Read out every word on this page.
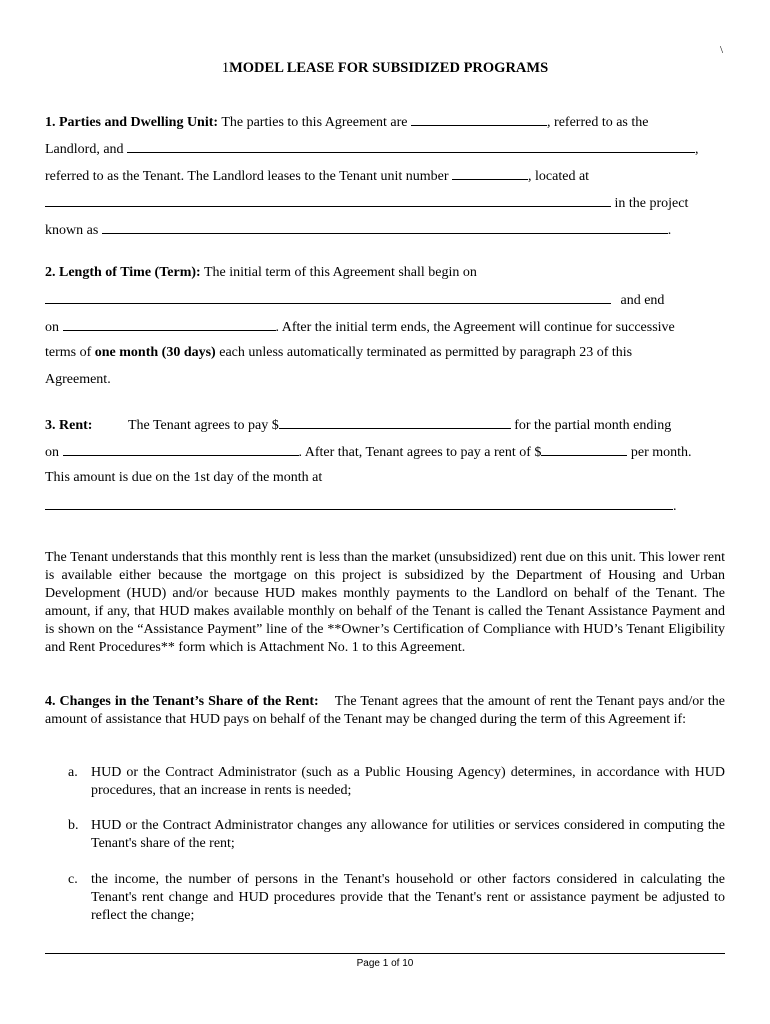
\
1MODEL LEASE FOR SUBSIDIZED PROGRAMS
1. Parties and Dwelling Unit: The parties to this Agreement are	, referred to as the
Landlord, and	,
referred to as the Tenant. The Landlord leases to the Tenant unit number	, located at
in the project
known as	.
2. Length of Time (Term): The initial term of this Agreement shall begin on
and end
on	. After the initial term ends, the Agreement will continue for successive
terms of one month (30 days) each unless automatically terminated as permitted by paragraph 23 of this
Agreement.
3. Rent:	The Tenant agrees to pay $	for the partial month ending
on	. After that, Tenant agrees to pay a rent of $	per month.
This amount is due on the 1st day of the month at
.
The Tenant understands that this monthly rent is less than the market (unsubsidized) rent due on this unit. This lower rent is available either because the mortgage on this project is subsidized by the Department of Housing and Urban Development (HUD) and/or because HUD makes monthly payments to the Landlord on behalf of the Tenant. The amount, if any, that HUD makes available monthly on behalf of the Tenant is called the Tenant Assistance Payment and is shown on the “Assistance Payment” line of the **Owner’s Certification of Compliance with HUD’s Tenant Eligibility and Rent Procedures** form which is Attachment No. 1 to this Agreement.
4. Changes in the Tenant’s Share of the Rent: The Tenant agrees that the amount of rent the Tenant pays and/or the amount of assistance that HUD pays on behalf of the Tenant may be changed during the term of this Agreement if:
a. HUD or the Contract Administrator (such as a Public Housing Agency) determines, in accordance with HUD procedures, that an increase in rents is needed;
b. HUD or the Contract Administrator changes any allowance for utilities or services considered in computing the Tenant's share of the rent;
c. the income, the number of persons in the Tenant's household or other factors considered in calculating the Tenant's rent change and HUD procedures provide that the Tenant's rent or assistance payment be adjusted to reflect the change;
Page 1 of 10
